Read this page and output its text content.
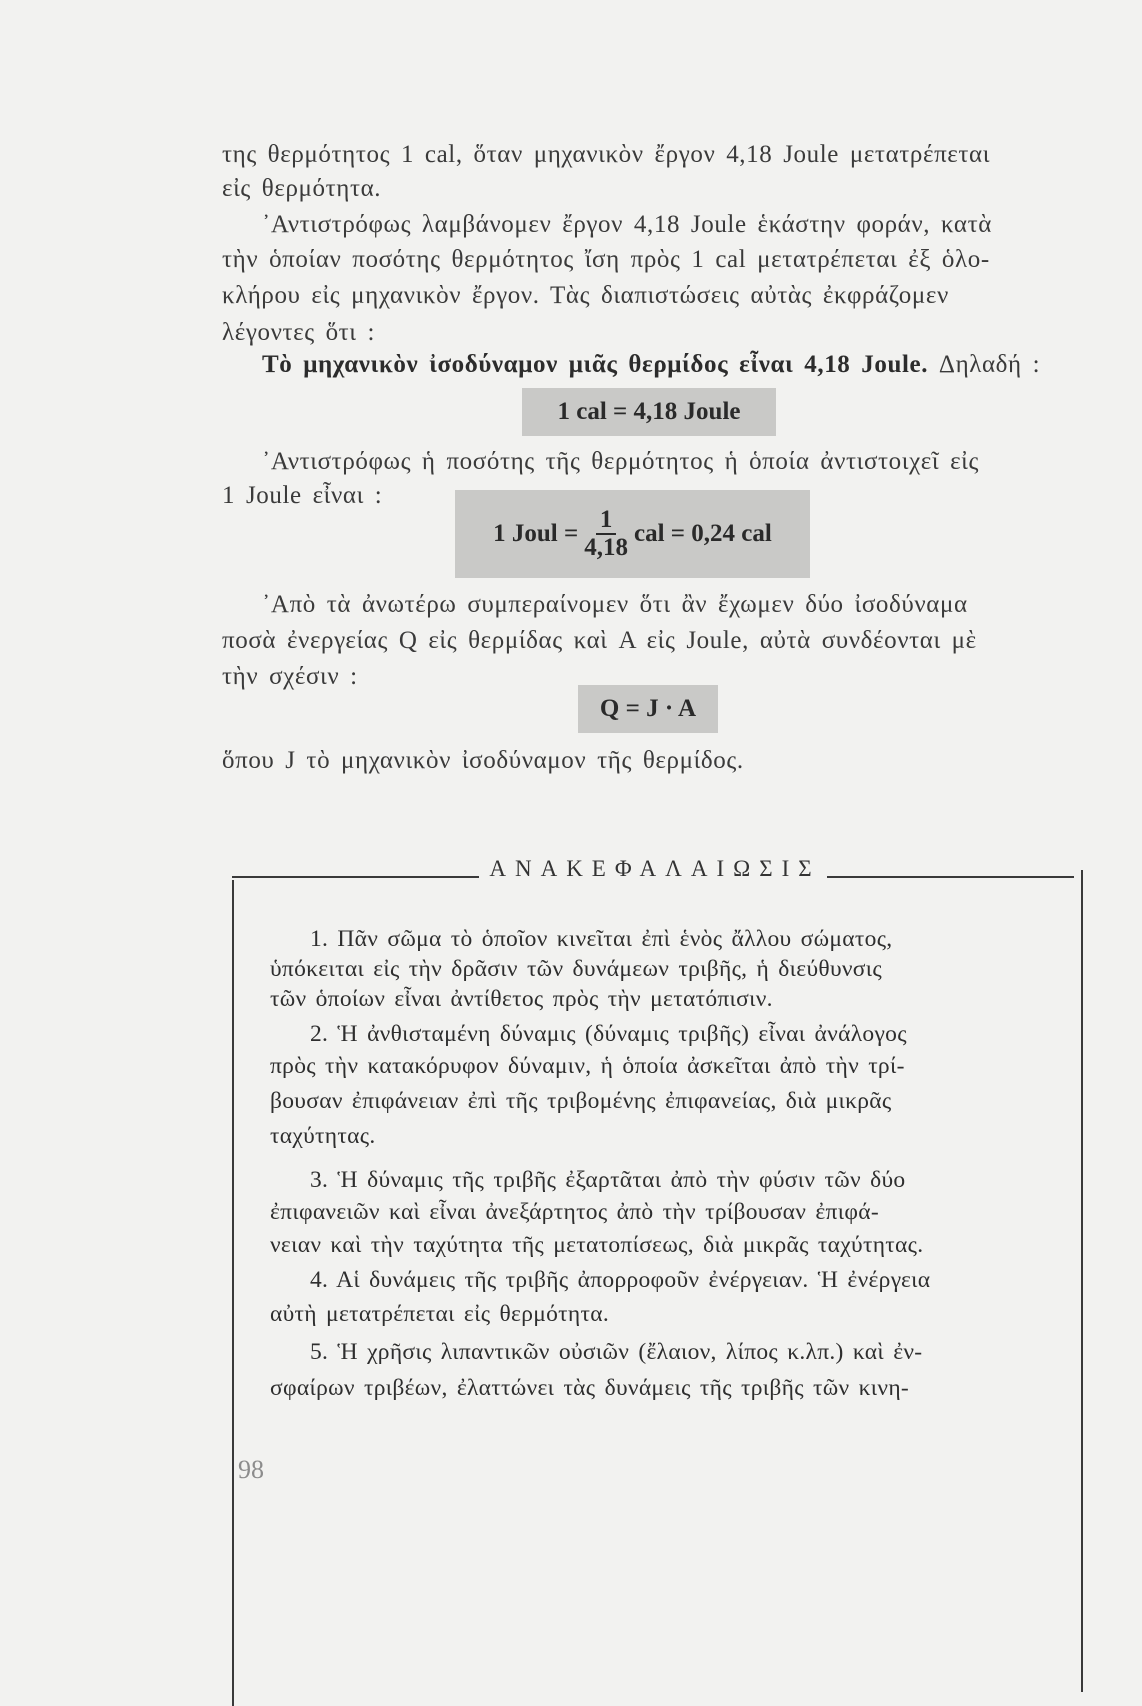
της θερμότητος 1 cal, ὅταν μηχανικὸν ἔργον 4,18 Joule μετατρέπεται
εἰς θερμότητα.
᾽Αντιστρόφως λαμβάνομεν ἔργον 4,18 Joule ἑκάστην φοράν, κατὰ
τὴν ὁποίαν ποσότης θερμότητος ἴση πρὸς 1 cal μετατρέπεται ἐξ ὁλο-
κλήρου εἰς μηχανικὸν ἔργον. Τὰς διαπιστώσεις αὐτὰς ἐκφράζομεν
λέγοντες ὅτι :
Τὸ μηχανικὸν ἰσοδύναμον μιᾶς θερμίδος εἶναι 4,18 Joule. Δηλαδή :
1 cal = 4,18 Joule
᾽Αντιστρόφως ἡ ποσότης τῆς θερμότητος ἡ ὁποία ἀντιστοιχεῖ εἰς
1 Joule εἶναι :
1 Joul = $\frac{1}{4,18}$ cal = 0,24 cal
᾽Απὸ τὰ ἀνωτέρω συμπεραίνομεν ὅτι ἂν ἔχωμεν δύο ἰσοδύναμα
ποσὰ ἐνεργείας Q εἰς θερμίδας καὶ A εἰς Joule, αὐτὰ συνδέονται μὲ
τὴν σχέσιν :
Q = J · A
ὅπου J τὸ μηχανικὸν ἰσοδύναμον τῆς θερμίδος.
ΑΝΑΚΕΦΑΛΑΙΩΣΙΣ
1. Πᾶν σῶμα τὸ ὁποῖον κινεῖται ἐπὶ ἑνὸς ἄλλου σώματος,
ὑπόκειται εἰς τὴν δρᾶσιν τῶν δυνάμεων τριβῆς, ἡ διεύθυνσις
τῶν ὁποίων εἶναι ἀντίθετος πρὸς τὴν μετατόπισιν.
2. Ἡ ἀνθισταμένη δύναμις (δύναμις τριβῆς) εἶναι ἀνάλογος
πρὸς τὴν κατακόρυφον δύναμιν, ἡ ὁποία ἀσκεῖται ἀπὸ τὴν τρί-
βουσαν ἐπιφάνειαν ἐπὶ τῆς τριβομένης ἐπιφανείας, διὰ μικρᾶς
ταχύτητας.
3. Ἡ δύναμις τῆς τριβῆς ἐξαρτᾶται ἀπὸ τὴν φύσιν τῶν δύο
ἐπιφανειῶν καὶ εἶναι ἀνεξάρτητος ἀπὸ τὴν τρίβουσαν ἐπιφά-
νειαν καὶ τὴν ταχύτητα τῆς μετατοπίσεως, διὰ μικρᾶς ταχύτητας.
4. Αἱ δυνάμεις τῆς τριβῆς ἀπορροφοῦν ἐνέργειαν. Ἡ ἐνέργεια
αὐτὴ μετατρέπεται εἰς θερμότητα.
5. Ἡ χρῆσις λιπαντικῶν οὐσιῶν (ἔλαιον, λίπος κ.λπ.) καὶ ἐν-
σφαίρων τριβέων, ἐλαττώνει τὰς δυνάμεις τῆς τριβῆς τῶν κινη-
98
